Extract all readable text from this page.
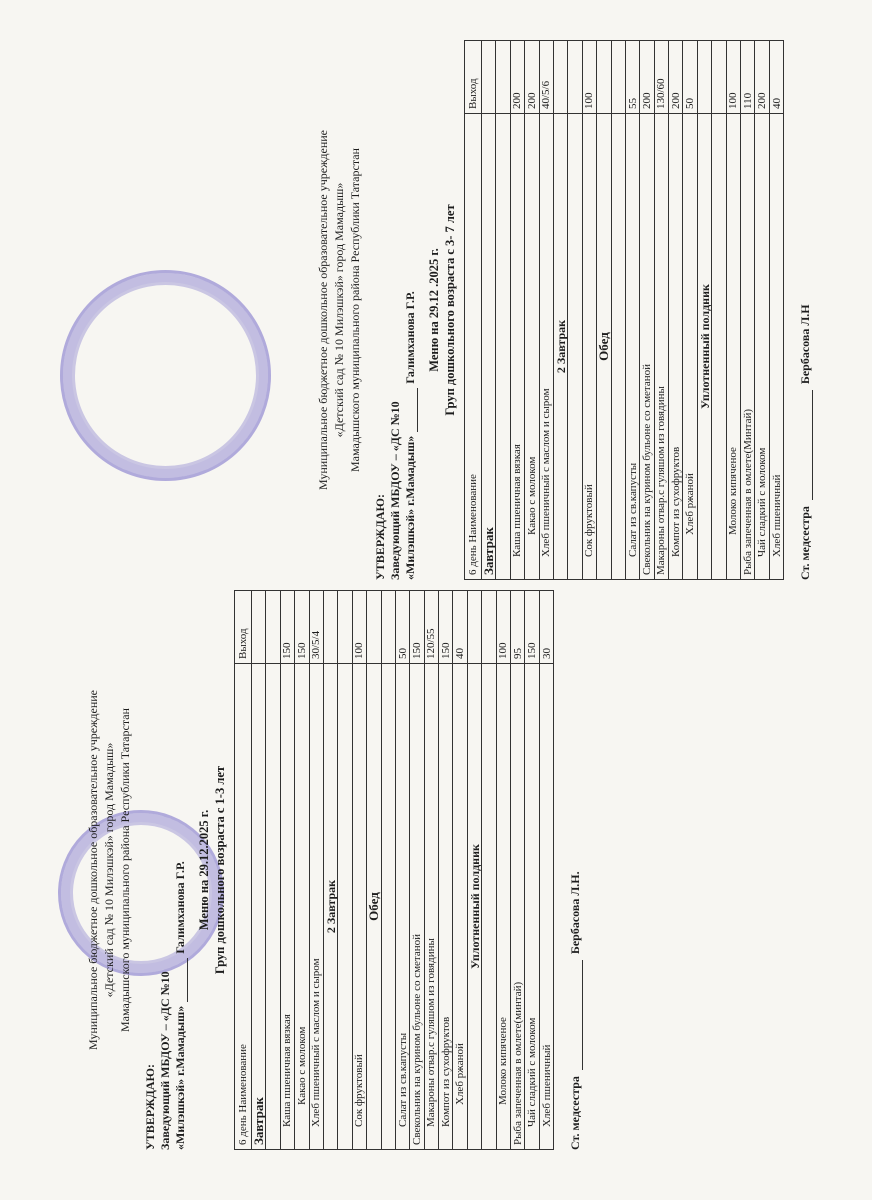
Муниципальное бюджетное дошкольное образовательное учреждение «Детский сад № 10 Милэшкэй» город Мамадыш» Мамадышского муниципального района Республики Татарстан
УТВЕРЖДАЮ: Заведующий МБДОУ – «ДС №10 «Милэшкэй» г.Мамадыш»Галимханова Г.Р. Меню на 29.12.2025 г. Груп дошкольного возраста с 1-3 лет
6 день Наименование	Выход
Завтрак	

Каша пшеничная вязкая	150
Какао с молоком	150
Хлеб пшеничный с маслом и сыром	30/5/4
2 Завтрак	

Сок фруктовый	100
Обед	

Салат из св.капусты	50
Свекольник на курином бульоне со сметаной	150
Макароны отвар.с гуляшом из говядины	120/55
Компот из сухофруктов	150
Хлеб ржаной	40
Уплотненный полдник	

Молоко кипяченое	100
Рыба запеченная в омлете(минтай)	95
Чай сладкий с молоком	150
Хлеб пшеничный	30
Ст. медсестраБербасова Л.Н.
Муниципальное бюджетное дошкольное образовательное учреждение «Детский сад № 10 Милэшкэй» город Мамадыш» Мамадышского муниципального района Республики Татарстан
УТВЕРЖДАЮ: Заведующий МБДОУ – «ДС №10 «Милэшкэй» г.Мамадыш»Галимханова Г.Р. Меню на 29.12 .2025 г. Груп дошкольного возраста с 3- 7 лет
6 день Наименование	Выход
Завтрак	

Каша пшеничная вязкая	200
Какао с молоком	200
Хлеб пшеничный с маслом и сыром	40/5/6
2 Завтрак	

Сок фруктовый	100
Обед	

Салат из св.капусты	55
Свекольник на курином бульоне со сметаной	200
Макароны отвар.с гуляшом из говядины	130/60
Компот из сухофруктов	200
Хлеб ржаной	50
Уплотненный полдник	

Молоко кипяченое	100
Рыба запеченная в омлете(Минтай)	110
Чай сладкий с молоком	200
Хлеб пшеничный	40
Ст. медсестраБербасова Л.Н
